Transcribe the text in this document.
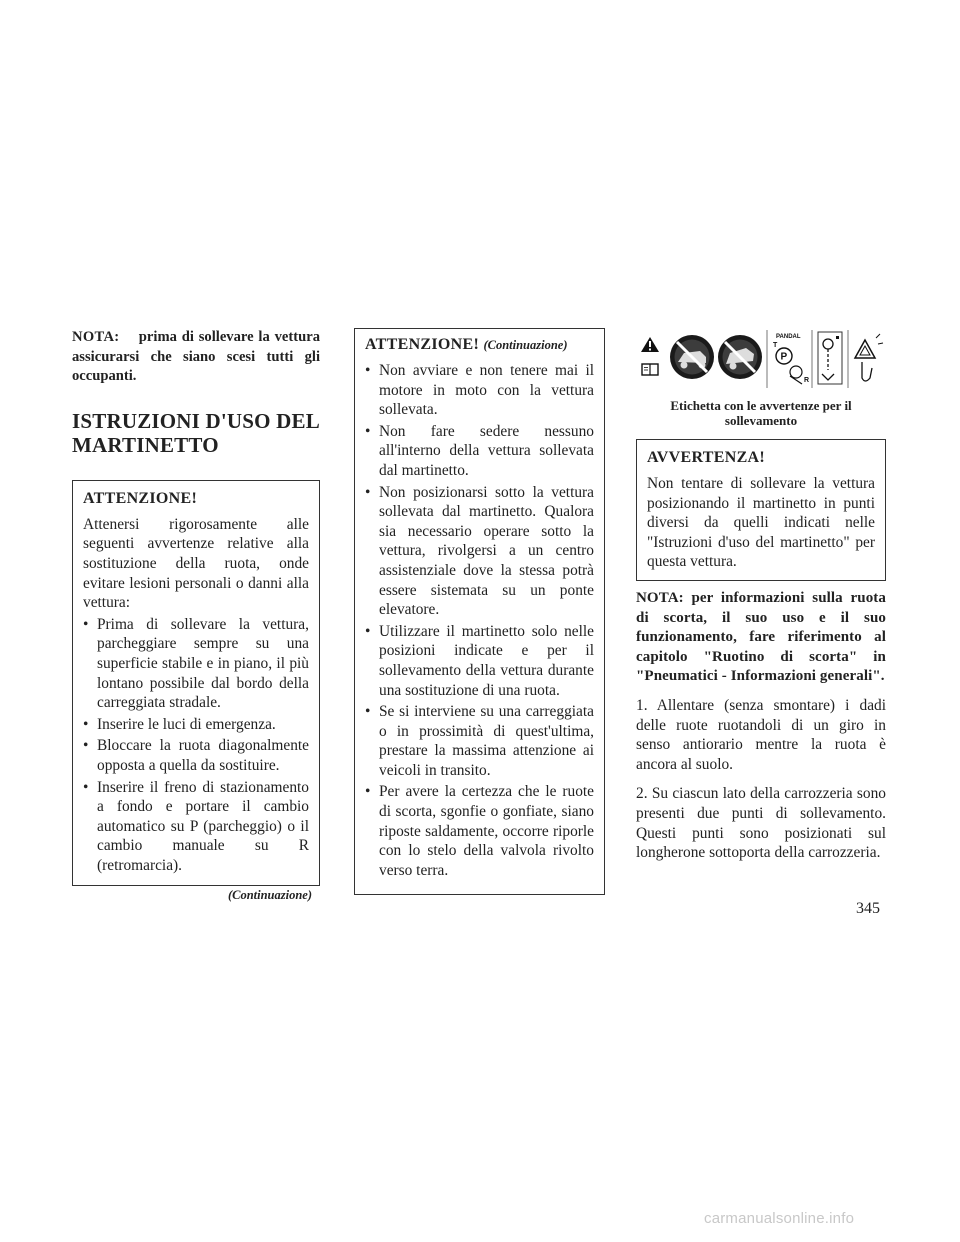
NOTA: prima di sollevare la vettura assicurarsi che siano scesi tutti gli occupanti.
ISTRUZIONI D'USO DEL
MARTINETTO
ATTENZIONE!
Attenersi rigorosamente alle seguenti avvertenze relative alla sostituzione della ruota, onde evitare lesioni personali o danni alla vettura:
• Prima di sollevare la vettura, parcheggiare sempre su una superficie stabile e in piano, il più lontano possibile dal bordo della carreggiata stradale.
• Inserire le luci di emergenza.
• Bloccare la ruota diagonalmente opposta a quella da sostituire.
• Inserire il freno di stazionamento a fondo e portare il cambio automatico su P (parcheggio) o il cambio manuale su R (retromarcia).
(Continuazione)
ATTENZIONE! (Continuazione)
• Non avviare e non tenere mai il motore in moto con la vettura sollevata.
• Non fare sedere nessuno all'interno della vettura sollevata dal martinetto.
• Non posizionarsi sotto la vettura sollevata dal martinetto. Qualora sia necessario operare sotto la vettura, rivolgersi a un centro assistenziale dove la stessa potrà essere sistemata su un ponte elevatore.
• Utilizzare il martinetto solo nelle posizioni indicate e per il sollevamento della vettura durante una sostituzione di una ruota.
• Se si interviene su una carreggiata o in prossimità di quest'ultima, prestare la massima attenzione ai veicoli in transito.
• Per avere la certezza che le ruote di scorta, sgonfie o gonfiate, siano riposte saldamente, occorre riporle con lo stelo della valvola rivolto verso terra.
PANDAL
T
P
R
Etichetta con le avvertenze per il
sollevamento
AVVERTENZA!
Non tentare di sollevare la vettura posizionando il martinetto in punti diversi da quelli indicati nelle "Istruzioni d'uso del martinetto" per questa vettura.
NOTA: per informazioni sulla ruota di scorta, il suo uso e il suo funzionamento, fare riferimento al capitolo "Ruotino di scorta" in "Pneumatici - Informazioni generali".
1. Allentare (senza smontare) i dadi delle ruote ruotandoli di un giro in senso antiorario mentre la ruota è ancora al suolo.
2. Su ciascun lato della carrozzeria sono presenti due punti di sollevamento. Questi punti sono posizionati sul longherone sottoporta della carrozzeria.
345
carmanualsonline.info
